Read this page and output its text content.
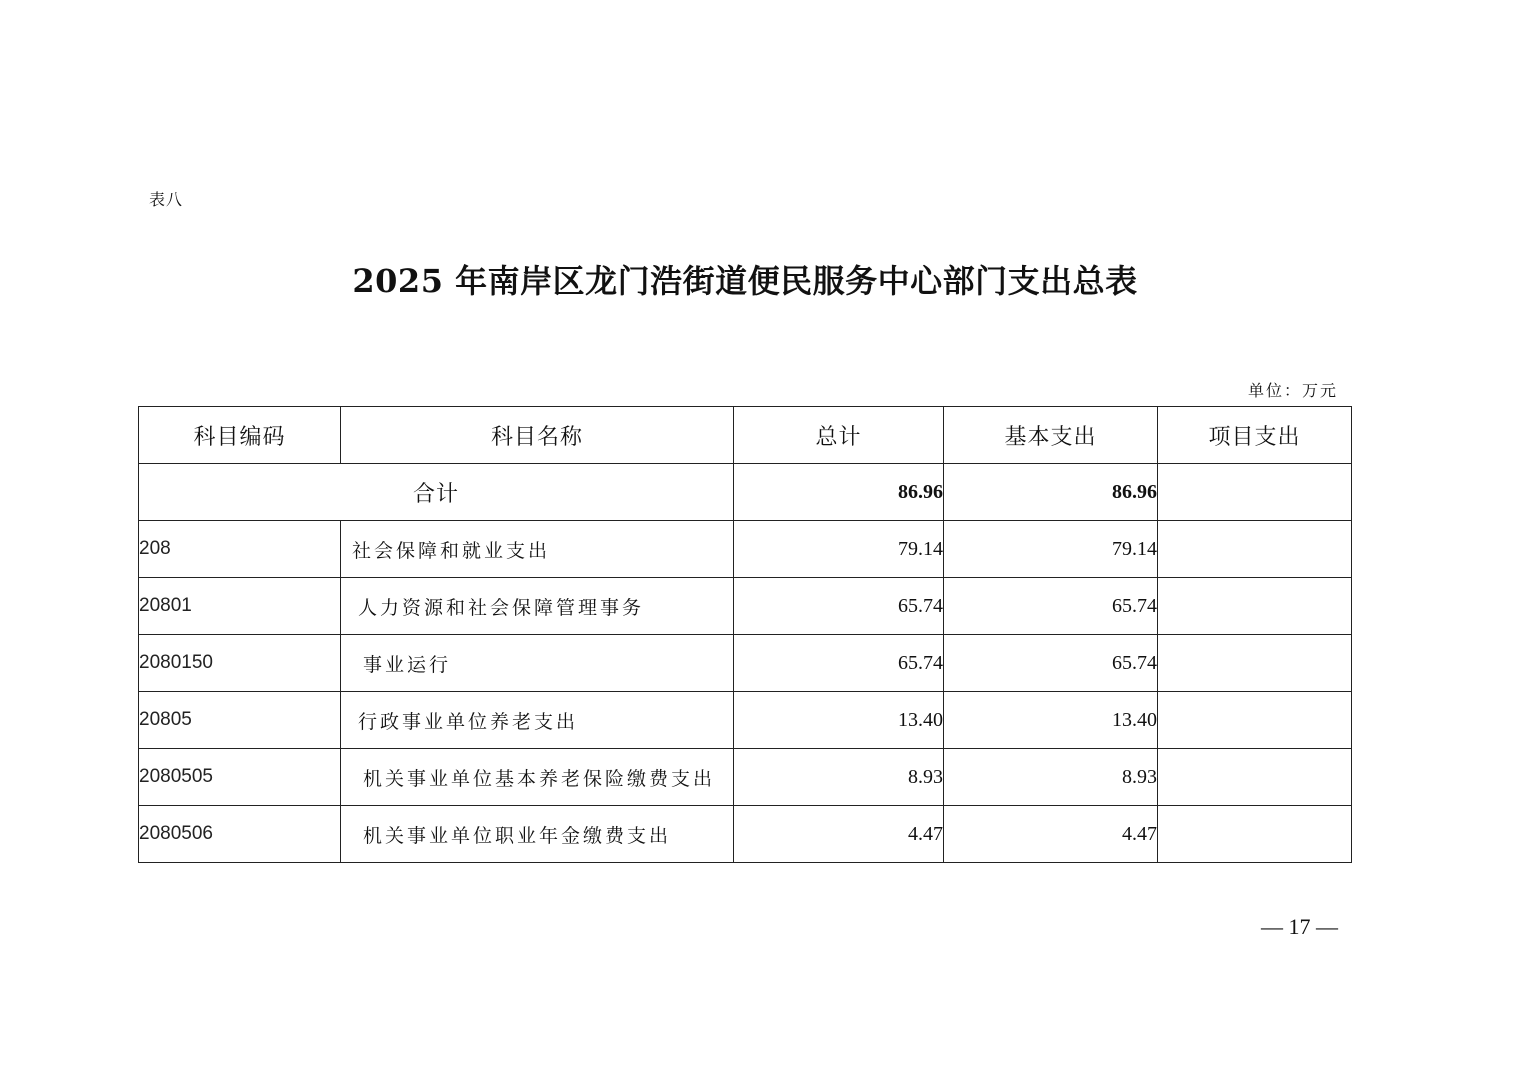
表八
2025 年南岸区龙门浩街道便民服务中心部门支出总表
单位：万元
科目编码	科目名称	总计	基本支出	项目支出
合计		86.96	86.96	
208	社会保障和就业支出	79.14	79.14	
20801	人力资源和社会保障管理事务	65.74	65.74	
2080150	事业运行	65.74	65.74	
20805	行政事业单位养老支出	13.40	13.40	
2080505	机关事业单位基本养老保险缴费支出	8.93	8.93	
2080506	机关事业单位职业年金缴费支出	4.47	4.47	
— 17 —
